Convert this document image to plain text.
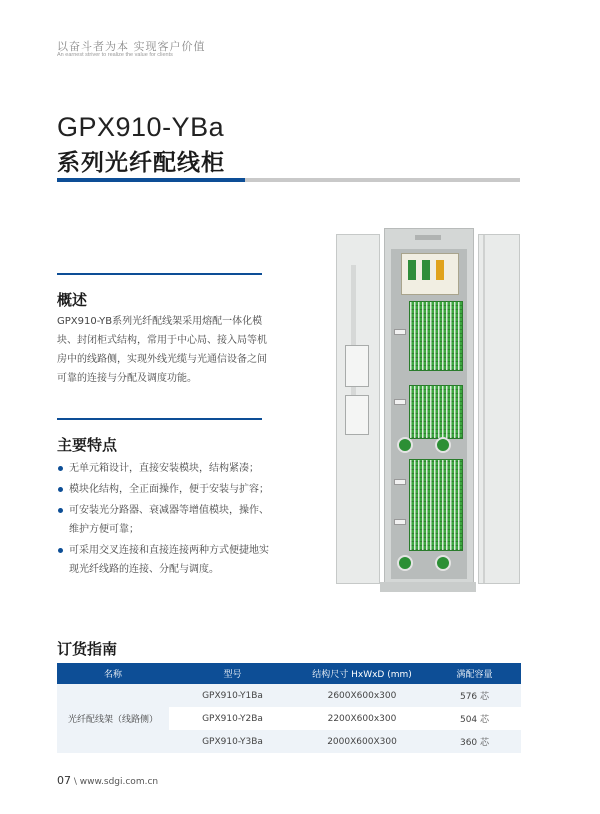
以奋斗者为本 实现客户价值
An earnest striver to realize the value for clients
GPX910-YBa
系列光纤配线柜
概述
GPX910-YB系列光纤配线架采用熔配一体化模块、封闭柜式结构，常用于中心局、接入局等机房中的线路侧，实现外线光缆与光通信设备之间可靠的连接与分配及调度功能。
主要特点
无单元箱设计，直接安装模块，结构紧凑；
模块化结构，全正面操作，便于安装与扩容；
可安装光分路器、衰减器等增值模块，操作、维护方便可靠；
可采用交叉连接和直接连接两种方式便捷地实现光纤线路的连接、分配与调度。
订货指南
名称	型号	结构尺寸 HxWxD (mm)	满配容量
光纤配线架（线路侧）	GPX910-Y1Ba	2600X600x300	576 芯
	GPX910-Y2Ba	2200X600x300	504 芯
	GPX910-Y3Ba	2000X600X300	360 芯
07 \ www.sdgi.com.cn
